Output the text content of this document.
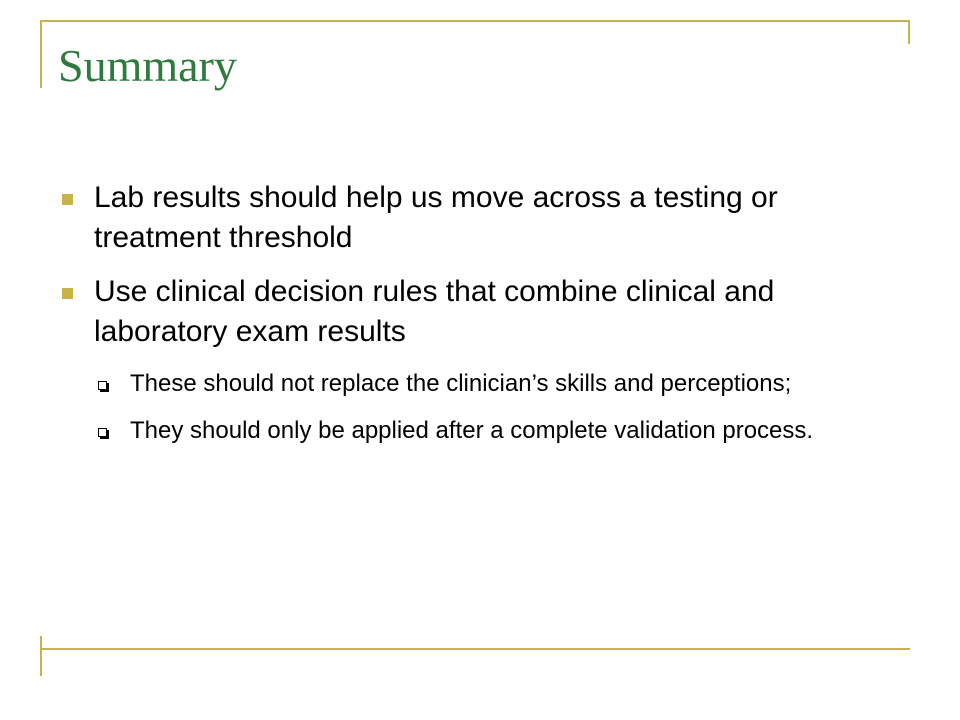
Summary
Lab results should help us move across a testing or treatment threshold
Use clinical decision rules that combine clinical and laboratory exam results
These should not replace the clinician’s skills and perceptions;
They should only be applied after a complete validation process.
